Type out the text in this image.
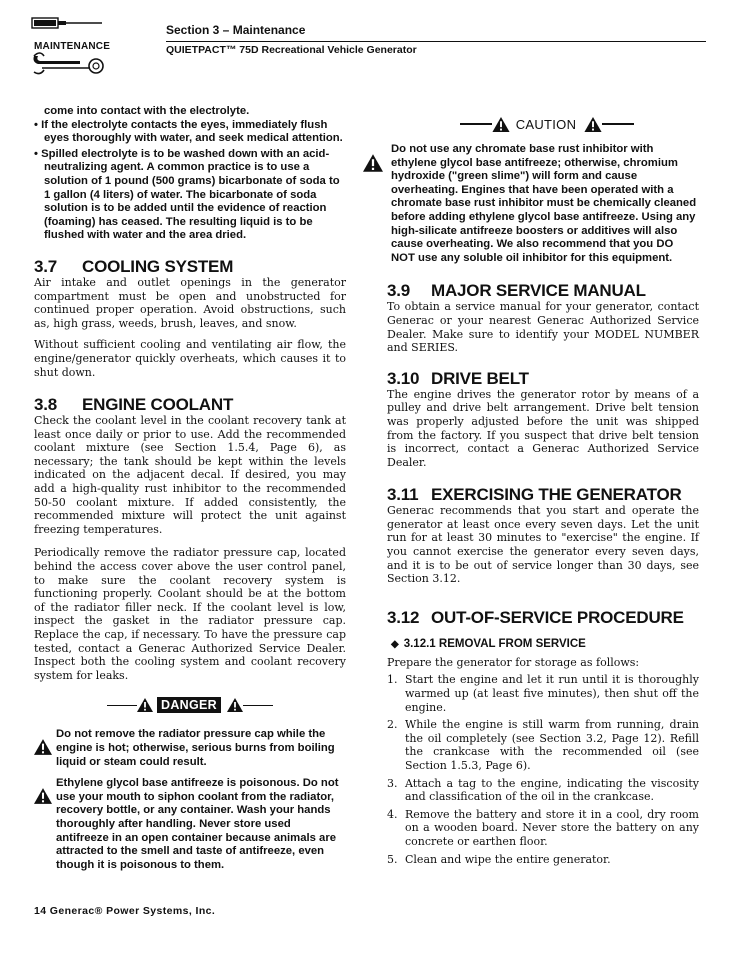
MAINTENANCE
Section 3 – Maintenance
QUIETPACT™ 75D Recreational Vehicle Generator
come into contact with the electrolyte.
• If the electrolyte contacts the eyes, immediately flush eyes thoroughly with water, and seek medical attention.
• Spilled electrolyte is to be washed down with an acid-neutralizing agent. A common practice is to use a solution of 1 pound (500 grams) bicarbonate of soda to 1 gallon (4 liters) of water. The bicarbonate of soda solution is to be added until the evidence of reaction (foaming) has ceased. The resulting liquid is to be flushed with water and the area dried.
3.7	COOLING SYSTEM

Air intake and outlet openings in the generator compartment must be open and unobstructed for continued proper operation. Avoid obstructions, such as, high grass, weeds, brush, leaves, and snow.

Without sufficient cooling and ventilating air flow, the engine/generator quickly overheats, which causes it to shut down.

3.8	ENGINE COOLANT

Check the coolant level in the coolant recovery tank at least once daily or prior to use. Add the recommended coolant mixture (see Section 1.5.4, Page 6), as necessary; the tank should be kept within the levels indicated on the adjacent decal. If desired, you may add a high-quality rust inhibitor to the recommended 50-50 coolant mixture. If added consistently, the recommended mixture will protect the unit against freezing temperatures.

Periodically remove the radiator pressure cap, located behind the access cover above the user control panel, to make sure the coolant recovery system is functioning properly. Coolant should be at the bottom of the radiator filler neck. If the coolant level is low, inspect the gasket in the radiator pressure cap. Replace the cap, if necessary. To have the pressure cap tested, contact a Generac Authorized Service Dealer. Inspect both the cooling system and coolant recovery system for leaks.

DANGER
Do not remove the radiator pressure cap while the engine is hot; otherwise, serious burns from boiling liquid or steam could result.
Ethylene glycol base antifreeze is poisonous. Do not use your mouth to siphon coolant from the radiator, recovery bottle, or any container. Wash your hands thoroughly after handling. Never store used antifreeze in an open container because animals are attracted to the smell and taste of antifreeze, even though it is poisonous to them.
CAUTION
Do not use any chromate base rust inhibitor with ethylene glycol base antifreeze; otherwise, chromium hydroxide ("green slime") will form and cause overheating. Engines that have been operated with a chromate base rust inhibitor must be chemically cleaned before adding ethylene glycol base antifreeze. Using any high-silicate antifreeze boosters or additives will also cause overheating. We also recommend that you DO NOT use any soluble oil inhibitor for this equipment.
3.9	MAJOR SERVICE MANUAL

To obtain a service manual for your generator, contact Generac or your nearest Generac Authorized Service Dealer. Make sure to identify your MODEL NUMBER and SERIES.

3.10 DRIVE BELT

The engine drives the generator rotor by means of a pulley and drive belt arrangement. Drive belt tension was properly adjusted before the unit was shipped from the factory. If you suspect that drive belt tension is incorrect, contact a Generac Authorized Service Dealer.

3.11 EXERCISING THE GENERATOR

Generac recommends that you start and operate the generator at least once every seven days. Let the unit run for at least 30 minutes to "exercise" the engine. If you cannot exercise the generator every seven days, and it is to be out of service longer than 30 days, see Section 3.12.

3.12 OUT-OF-SERVICE PROCEDURE
◆ 3.12.1 REMOVAL FROM SERVICE

Prepare the generator for storage as follows:

1. Start the engine and let it run until it is thoroughly warmed up (at least five minutes), then shut off the engine.
2. While the engine is still warm from running, drain the oil completely (see Section 3.2, Page 12). Refill the crankcase with the recommended oil (see Section 1.5.3, Page 6).
3. Attach a tag to the engine, indicating the viscosity and classification of the oil in the crankcase.
4. Remove the battery and store it in a cool, dry room on a wooden board. Never store the battery on any concrete or earthen floor.
5. Clean and wipe the entire generator.
14 Generac® Power Systems, Inc.
